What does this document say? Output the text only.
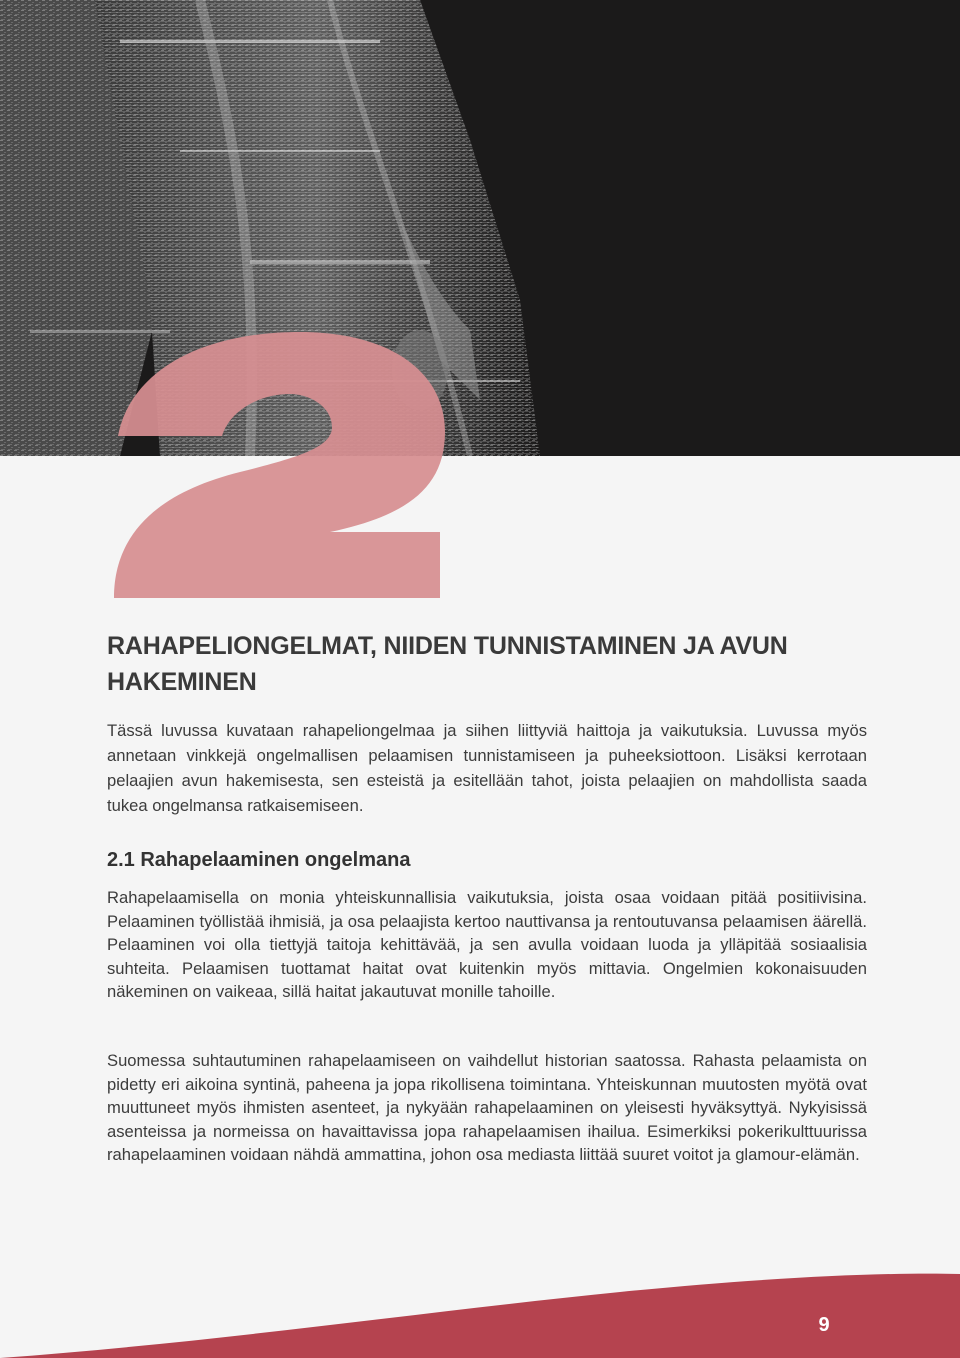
RAHAPELIONGELMAT, NIIDEN TUNNISTAMINEN JA AVUN HAKEMINEN

Tässä luvussa kuvataan rahapeliongelmaa ja siihen liittyviä haittoja ja vaikutuksia. Luvussa myös annetaan vinkkejä ongelmallisen pelaamisen tunnistamiseen ja puheeksiottoon. Lisäksi kerrotaan pelaajien avun hakemisesta, sen esteistä ja esitellään tahot, joista pelaajien on mahdollista saada tukea ongelmansa ratkaisemiseen.

2.1 Rahapelaaminen ongelmana

Rahapelaamisella on monia yhteiskunnallisia vaikutuksia, joista osaa voidaan pitää positiivisina. Pelaaminen työllistää ihmisiä, ja osa pelaajista kertoo nauttivansa ja rentoutuvansa pelaamisen äärellä. Pelaaminen voi olla tiettyjä taitoja kehittävää, ja sen avulla voidaan luoda ja ylläpitää sosiaalisia suhteita. Pelaamisen tuottamat haitat ovat kuitenkin myös mittavia. Ongelmien kokonaisuuden näkeminen on vaikeaa, sillä haitat jakautuvat monille tahoille.

Suomessa suhtautuminen rahapelaamiseen on vaihdellut historian saatossa. Rahasta pelaamista on pidetty eri aikoina syntinä, paheena ja jopa rikollisena toimintana. Yhteiskunnan muutosten myötä ovat muuttuneet myös ihmisten asenteet, ja nykyään rahapelaaminen on yleisesti hyväksyttyä. Nykyisissä asenteissa ja normeissa on havaittavissa jopa rahapelaamisen ihailua. Esimerkiksi pokerikulttuurissa rahapelaaminen voidaan nähdä ammattina, johon osa mediasta liittää suuret voitot ja glamour-elämän.

9
